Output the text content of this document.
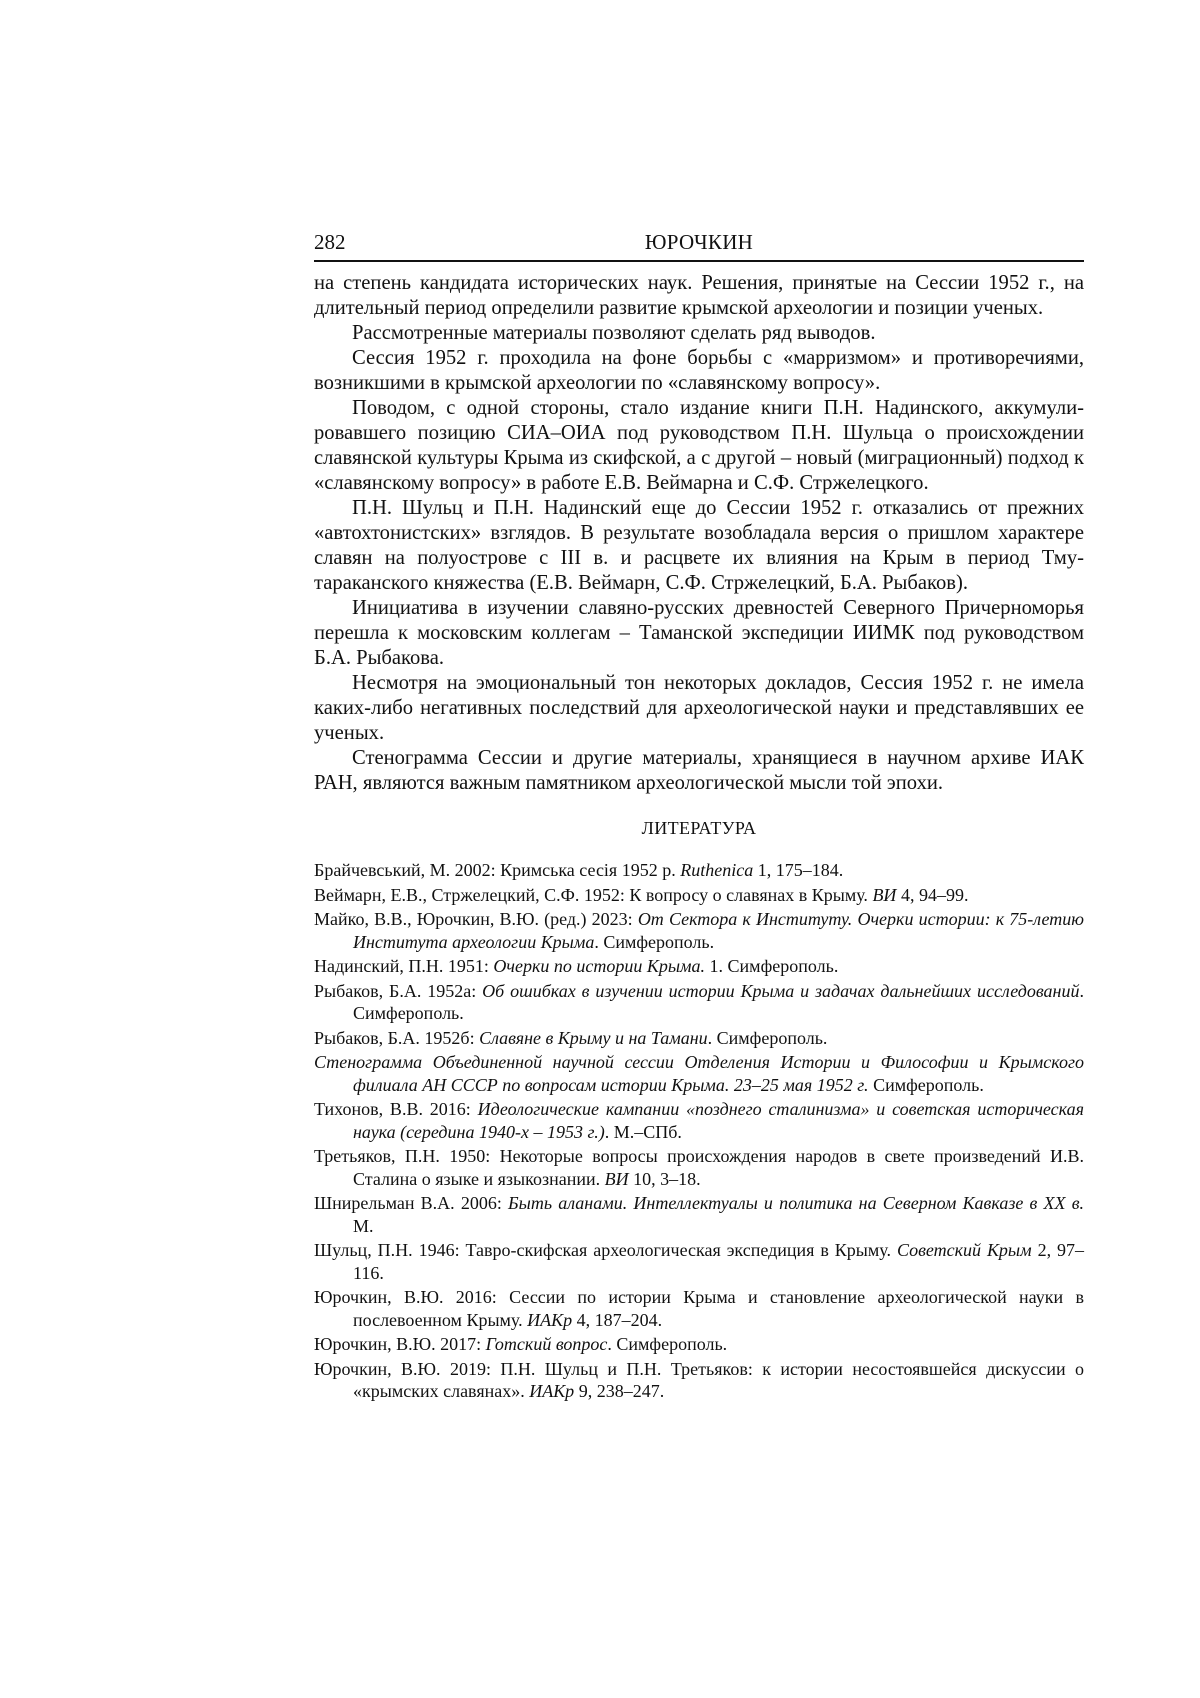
282	ЮРОЧКИН

на степень кандидата исторических наук. Решения, принятые на Сессии 1952 г., на длительный период определили развитие крымской археологии и позиции ученых.

Рассмотренные материалы позволяют сделать ряд выводов.

Сессия 1952 г. проходила на фоне борьбы с «марризмом» и противоречиями, возникшими в крымской археологии по «славянскому вопросу».

Поводом, с одной стороны, стало издание книги П.Н. Надинского, аккумулировавшего позицию СИА–ОИА под руководством П.Н. Шульца о происхождении славянской культуры Крыма из скифской, а с другой – новый (миграционный) подход к «славянскому вопросу» в работе Е.В. Веймарна и С.Ф. Стржелецкого.

П.Н. Шульц и П.Н. Надинский еще до Сессии 1952 г. отказались от прежних «автохтонистских» взглядов. В результате возобладала версия о пришлом характере славян на полуострове с III в. и расцвете их влияния на Крым в период Тмутараканского княжества (Е.В. Веймарн, С.Ф. Стржелецкий, Б.А. Рыбаков).

Инициатива в изучении славяно-русских древностей Северного Причерноморья перешла к московским коллегам – Таманской экспедиции ИИМК под руководством Б.А. Рыбакова.

Несмотря на эмоциональный тон некоторых докладов, Сессия 1952 г. не имела каких-либо негативных последствий для археологической науки и представлявших ее ученых.

Стенограмма Сессии и другие материалы, хранящиеся в научном архиве ИАК РАН, являются важным памятником археологической мысли той эпохи.

ЛИТЕРАТУРА
Брайчевський, М. 2002: Кримська сесія 1952 р. Ruthenica 1, 175–184.
Веймарн, Е.В., Стржелецкий, С.Ф. 1952: К вопросу о славянах в Крыму. ВИ 4, 94–99.
Майко, В.В., Юрочкин, В.Ю. (ред.) 2023: От Сектора к Институту. Очерки истории: к 75-летию Института археологии Крыма. Симферополь.
Надинский, П.Н. 1951: Очерки по истории Крыма. 1. Симферополь.
Рыбаков, Б.А. 1952а: Об ошибках в изучении истории Крыма и задачах дальнейших исследований. Симферополь.
Рыбаков, Б.А. 1952б: Славяне в Крыму и на Тамани. Симферополь.
Стенограмма Объединенной научной сессии Отделения Истории и Философии и Крымского филиала АН СССР по вопросам истории Крыма. 23–25 мая 1952 г. Симферополь.
Тихонов, В.В. 2016: Идеологические кампании «позднего сталинизма» и советская историческая наука (середина 1940-х – 1953 г.). М.–СПб.
Третьяков, П.Н. 1950: Некоторые вопросы происхождения народов в свете произведений И.В. Сталина о языке и языкознании. ВИ 10, 3–18.
Шнирельман В.А. 2006: Быть аланами. Интеллектуалы и политика на Северном Кавказе в XX в. М.
Шульц, П.Н. 1946: Тавро-скифская археологическая экспедиция в Крыму. Советский Крым 2, 97–116.
Юрочкин, В.Ю. 2016: Сессии по истории Крыма и становление археологической науки в послевоенном Крыму. ИАКр 4, 187–204.
Юрочкин, В.Ю. 2017: Готский вопрос. Симферополь.
Юрочкин, В.Ю. 2019: П.Н. Шульц и П.Н. Третьяков: к истории несостоявшейся дискуссии о «крымских славянах». ИАКр 9, 238–247.
